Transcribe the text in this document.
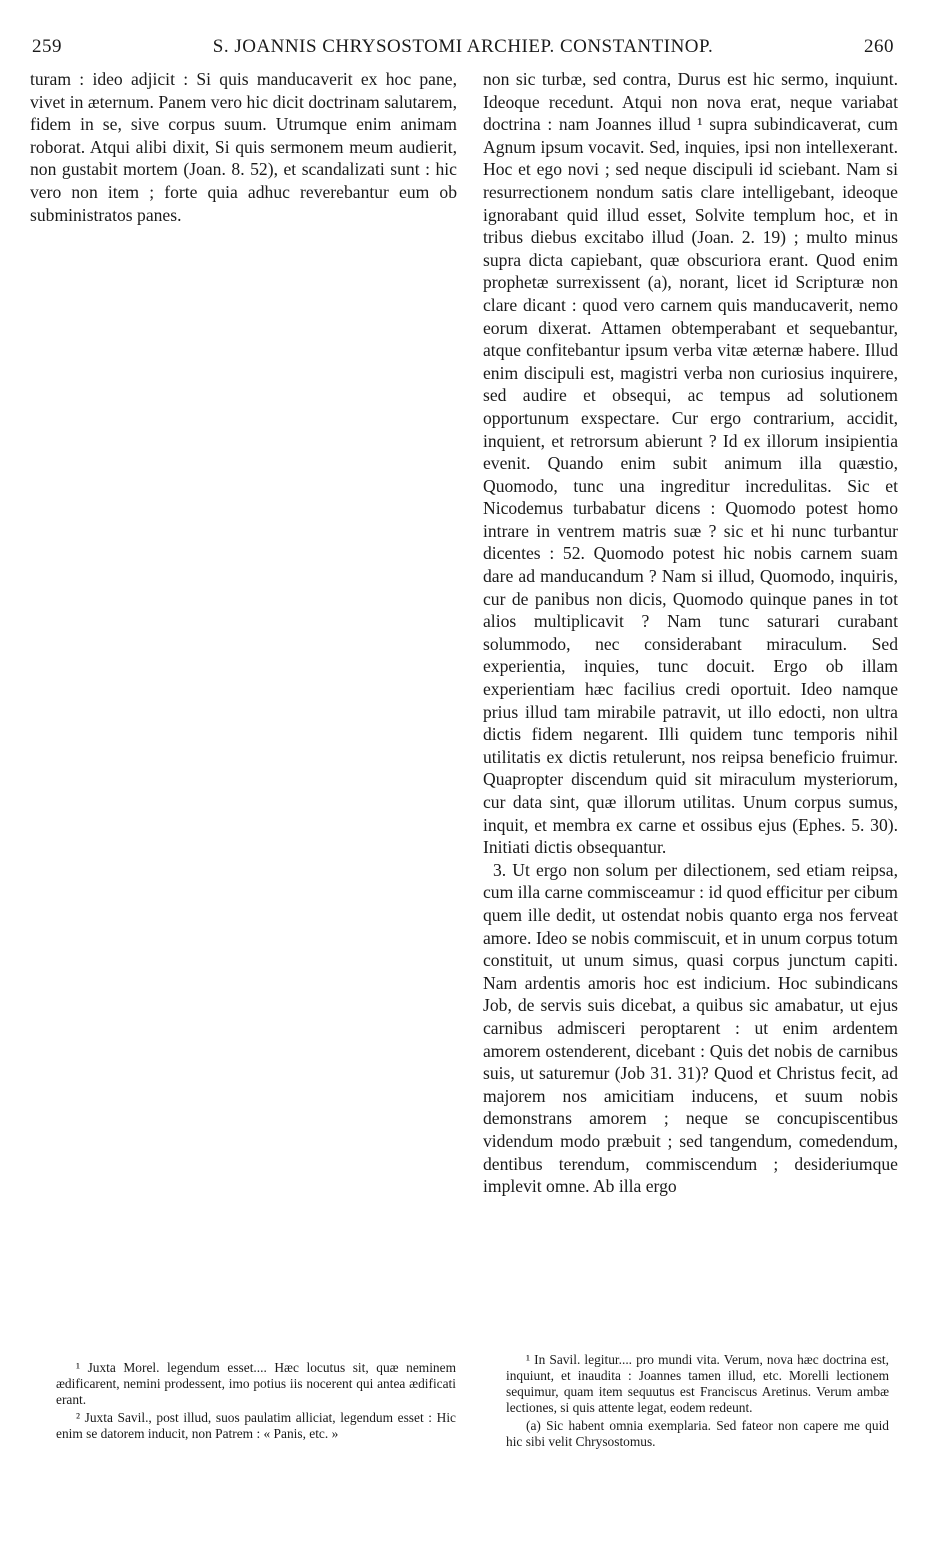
259	S. JOANNIS CHRYSOSTOMI ARCHIEP. CONSTANTINOP.	260

turam : ideo adjicit : Si quis manducaverit ex hoc pane, vivet in æternum. Panem vero hic dicit doctrinam salutarem, fidem in se, sive corpus suum. Utrumque enim animam roborat. Atqui alibi dixit, Si quis sermonem meum audierit, non gustabit mortem (Joan. 8. 52), et scandalizati sunt : hic vero non item ; forte quia adhuc reverebantur eum ob subministratos panes.

non sic turbæ, sed contra, Durus est hic sermo, inquiunt. Ideoque recedunt. Atqui non nova erat, neque variabat doctrina : nam Joannes illud ¹ supra subindicaverat, cum Agnum ipsum vocavit. Sed, inquies, ipsi non intellexerant. Hoc et ego novi ; sed neque discipuli id sciebant. Nam si resurrectionem nondum satis clare intelligebant, ideoque ignorabant quid illud esset, Solvite templum hoc, et in tribus diebus excitabo illud (Joan. 2. 19) ; multo minus supra dicta capiebant, quæ obscuriora erant. Quod enim prophetæ surrexissent (a), norant, licet id Scripturæ non clare dicant : quod vero carnem quis manducaverit, nemo eorum dixerat. Attamen obtemperabant et sequebantur, atque confitebantur ipsum verba vitæ æternæ habere. Illud enim discipuli est, magistri verba non curiosius inquirere, sed audire et obsequi, ac tempus ad solutionem opportunum exspectare. Cur ergo contrarium, accidit, inquient, et retrorsum abierunt ? Id ex illorum insipientia evenit. Quando enim subit animum illa quæstio, Quomodo, tunc una ingreditur incredulitas. Sic et Nicodemus turbabatur dicens : Quomodo potest homo intrare in ventrem matris suæ ? sic et hi nunc turbantur dicentes : 52. Quomodo potest hic nobis carnem suam dare ad manducandum ? Nam si illud, Quomodo, inquiris, cur de panibus non dicis, Quomodo quinque panes in tot alios multiplicavit ? Nam tunc saturari curabant solummodo, nec considerabant miraculum. Sed experientia, inquies, tunc docuit. Ergo ob illam experientiam hæc facilius credi oportuit. Ideo namque prius illud tam mirabile patravit, ut illo edocti, non ultra dictis fidem negarent. Illi quidem tunc temporis nihil utilitatis ex dictis retulerunt, nos reipsa beneficio fruimur. Quapropter discendum quid sit miraculum mysteriorum, cur data sint, quæ illorum utilitas. Unum corpus sumus, inquit, et membra ex carne et ossibus ejus (Ephes. 5. 30). Initiati dictis obsequantur.

3. Ut ergo non solum per dilectionem, sed etiam reipsa, cum illa carne commisceamur : id quod efficitur per cibum quem ille dedit, ut ostendat nobis quanto erga nos ferveat amore. Ideo se nobis commiscuit, et in unum corpus totum constituit, ut unum simus, quasi corpus junctum capiti. Nam ardentis amoris hoc est indicium. Hoc subindicans Job, de servis suis dicebat, a quibus sic amabatur, ut ejus carnibus admisceri peroptarent : ut enim ardentem amorem ostenderent, dicebant : Quis det nobis de carnibus suis, ut saturemur (Job 31. 31)? Quod et Christus fecit, ad majorem nos amicitiam inducens, et suum nobis demonstrans amorem ; neque se concupiscentibus videndum modo præbuit ; sed tangendum, comedendum, dentibus terendum, commiscendum ; desideriumque implevit omne. Ab illa ergo

¹ Juxta Morel. legendum esset.... Hæc locutus sit, quæ neminem ædificarent, nemini prodessent, imo potius iis nocerent qui antea ædificati erant.

² Juxta Savil., post illud, suos paulatim alliciat, legendum esset : Hic enim se datorem inducit, non Patrem : « Panis, etc. »

¹ In Savil. legitur.... pro mundi vita. Verum, nova hæc doctrina est, inquiunt, et inaudita : Joannes tamen illud, etc. Morelli lectionem sequimur, quam item sequutus est Franciscus Aretinus. Verum ambæ lectiones, si quis attente legat, eodem redeunt.

(a) Sic habent omnia exemplaria. Sed fateor non capere me quid hic sibi velit Chrysostomus.
